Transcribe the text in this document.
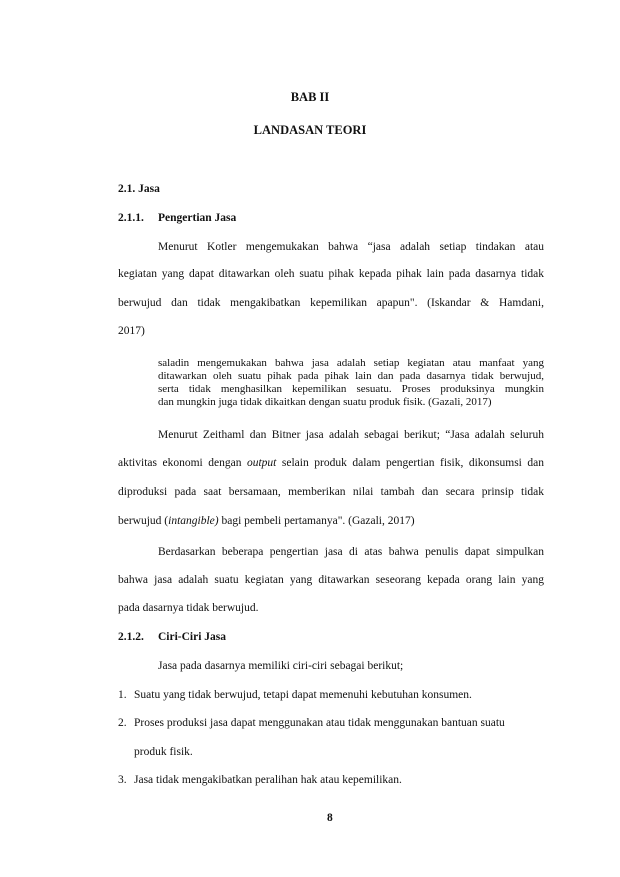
BAB II
LANDASAN TEORI
2.1. Jasa
2.1.1. Pengertian Jasa
Menurut Kotler mengemukakan bahwa “jasa adalah setiap tindakan atau
kegiatan yang dapat ditawarkan oleh suatu pihak kepada pihak lain pada dasarnya tidak
berwujud dan tidak mengakibatkan kepemilikan apapun". (Iskandar & Hamdani,
2017)
saladin mengemukakan bahwa jasa adalah setiap kegiatan atau manfaat yang
ditawarkan oleh suatu pihak pada pihak lain dan pada dasarnya tidak berwujud,
serta tidak menghasilkan kepemilikan sesuatu. Proses produksinya mungkin
dan mungkin juga tidak dikaitkan dengan suatu produk fisik. (Gazali, 2017)
Menurut Zeithaml dan Bitner jasa adalah sebagai berikut; “Jasa adalah seluruh
aktivitas ekonomi dengan output selain produk dalam pengertian fisik, dikonsumsi dan
diproduksi pada saat bersamaan, memberikan nilai tambah dan secara prinsip tidak
berwujud (intangible) bagi pembeli pertamanya". (Gazali, 2017)
Berdasarkan beberapa pengertian jasa di atas bahwa penulis dapat simpulkan
bahwa jasa adalah suatu kegiatan yang ditawarkan seseorang kepada orang lain yang
pada dasarnya tidak berwujud.
2.1.2. Ciri-Ciri Jasa
Jasa pada dasarnya memiliki ciri-ciri sebagai berikut;
1. Suatu yang tidak berwujud, tetapi dapat memenuhi kebutuhan konsumen.
2. Proses produksi jasa dapat menggunakan atau tidak menggunakan bantuan suatu
produk fisik.
3. Jasa tidak mengakibatkan peralihan hak atau kepemilikan.
8
